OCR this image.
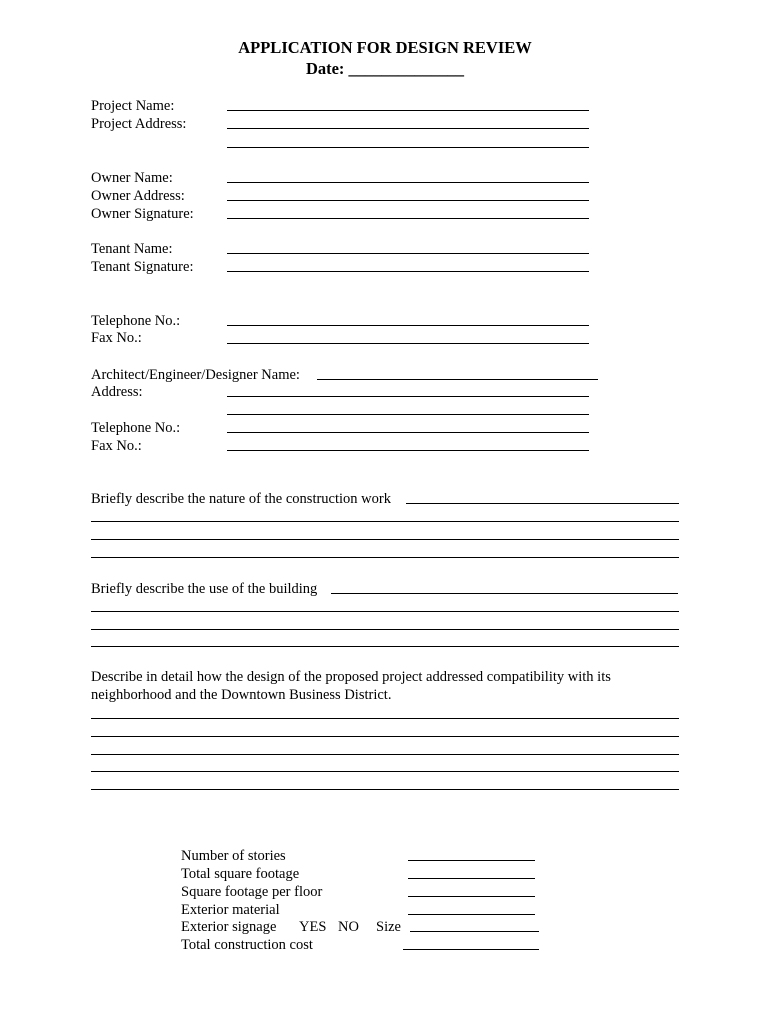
APPLICATION FOR DESIGN REVIEW
Date: ______________
Project Name:
Project Address:
Owner Name:
Owner Address:
Owner Signature:
Tenant Name:
Tenant Signature:
Telephone No.:
Fax No.:
Architect/Engineer/Designer Name:
Address:
Telephone No.:
Fax No.:
Briefly describe the nature of the construction work
Briefly describe the use of the building
Describe in detail how the design of the proposed project addressed compatibility with its
neighborhood and the Downtown Business District.
Number of stories
Total square footage
Square footage per floor
Exterior material
Exterior signage YES NO Size
Total construction cost
